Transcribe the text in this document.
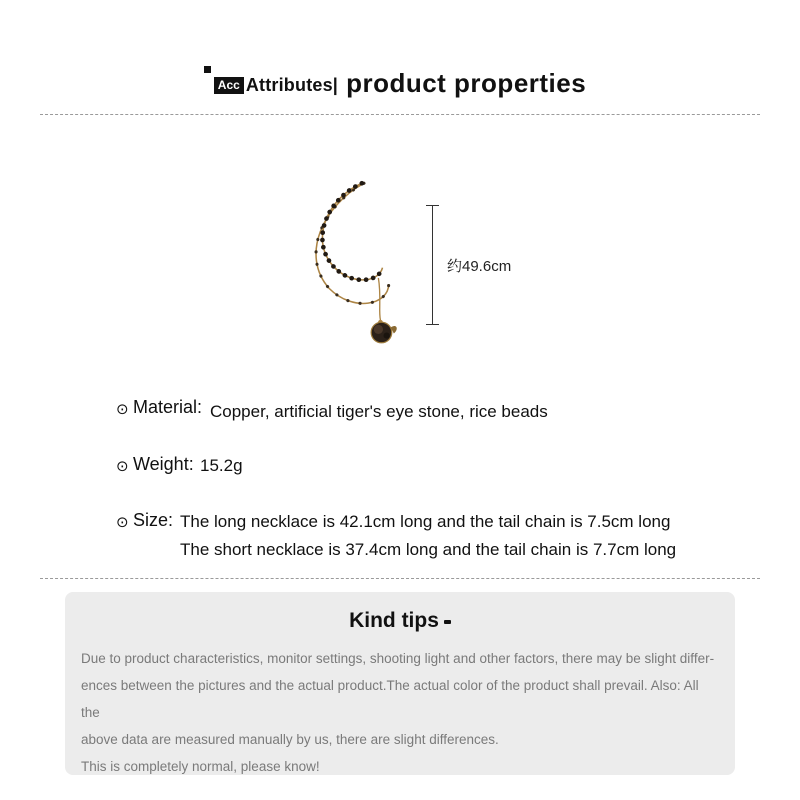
Acc Attributes| product properties
约49.6cm
⊙ Material: Copper, artificial tiger's eye stone, rice beads
⊙ Weight: 15.2g
⊙ Size: The long necklace is 42.1cm long and the tail chain is 7.5cm long
The short necklace is 37.4cm long and the tail chain is 7.7cm long
Kind tips
Due to product characteristics, monitor settings, shooting light and other factors, there may be slight differ-
ences between the pictures and the actual product.The actual color of the product shall prevail. Also: All the
above data are measured manually by us, there are slight differences.
This is completely normal, please know!
